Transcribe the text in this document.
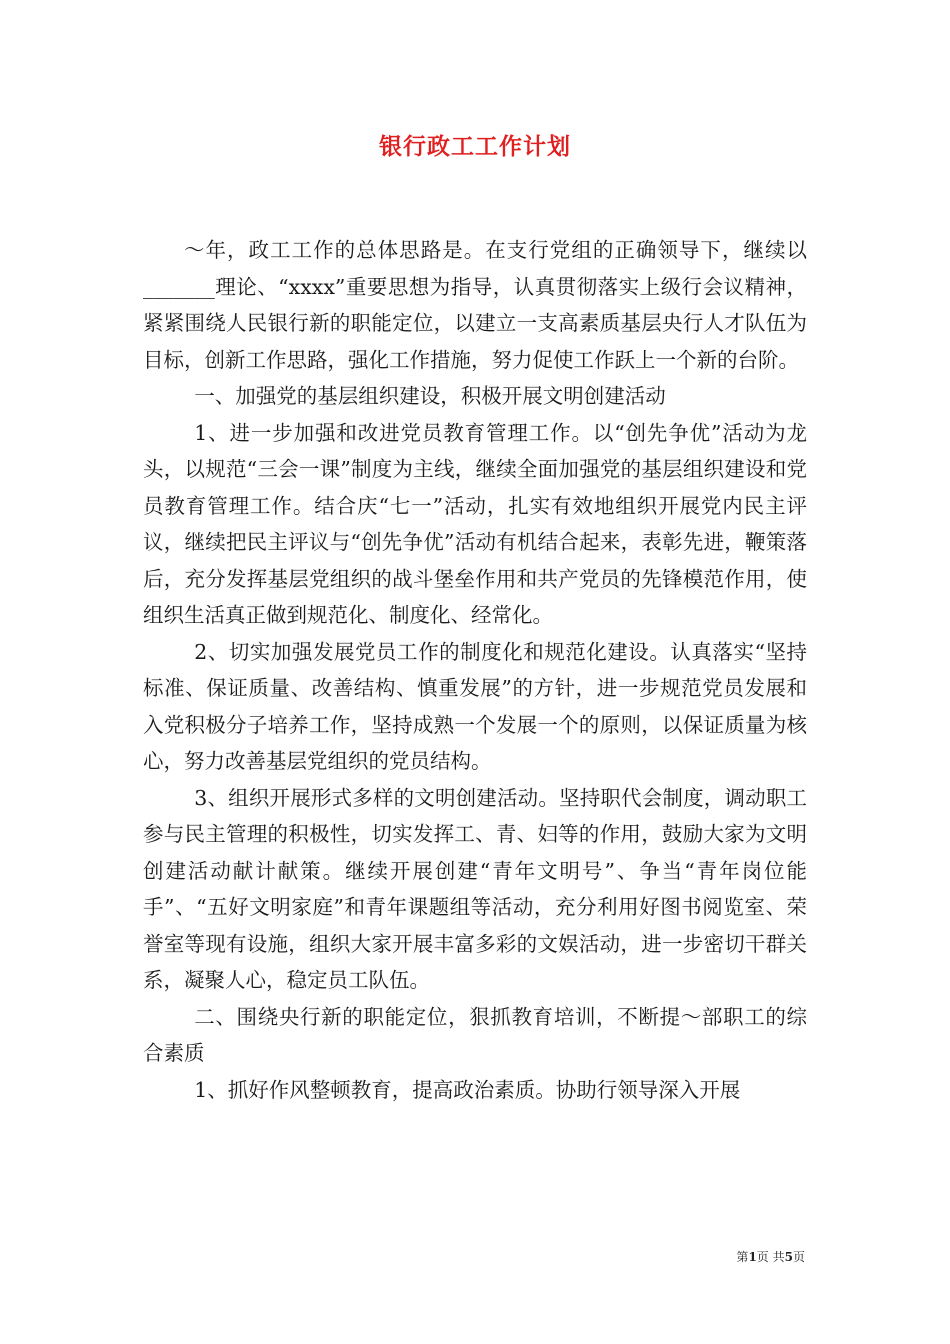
银行政工工作计划

～年，政工工作的总体思路是。在支行党组的正确领导下，继续以_______理论、“xxxx”重要思想为指导，认真贯彻落实上级行会议精神，紧紧围绕人民银行新的职能定位，以建立一支高素质基层央行人才队伍为目标，创新工作思路，强化工作措施，努力促使工作跃上一个新的台阶。

一、加强党的基层组织建设，积极开展文明创建活动

1、进一步加强和改进党员教育管理工作。以“创先争优”活动为龙头，以规范“三会一课”制度为主线，继续全面加强党的基层组织建设和党员教育管理工作。结合庆“七一”活动，扎实有效地组织开展党内民主评议，继续把民主评议与“创先争优”活动有机结合起来，表彰先进，鞭策落后，充分发挥基层党组织的战斗堡垒作用和共产党员的先锋模范作用，使组织生活真正做到规范化、制度化、经常化。

2、切实加强发展党员工作的制度化和规范化建设。认真落实“坚持标准、保证质量、改善结构、慎重发展”的方针，进一步规范党员发展和入党积极分子培养工作，坚持成熟一个发展一个的原则，以保证质量为核心，努力改善基层党组织的党员结构。

3、组织开展形式多样的文明创建活动。坚持职代会制度，调动职工参与民主管理的积极性，切实发挥工、青、妇等的作用，鼓励大家为文明创建活动献计献策。继续开展创建“青年文明号”、争当“青年岗位能手”、“五好文明家庭”和青年课题组等活动，充分利用好图书阅览室、荣誉室等现有设施，组织大家开展丰富多彩的文娱活动，进一步密切干群关系，凝聚人心，稳定员工队伍。

二、围绕央行新的职能定位，狠抓教育培训，不断提～部职工的综合素质

1、抓好作风整顿教育，提高政治素质。协助行领导深入开展

第1页 共5页
